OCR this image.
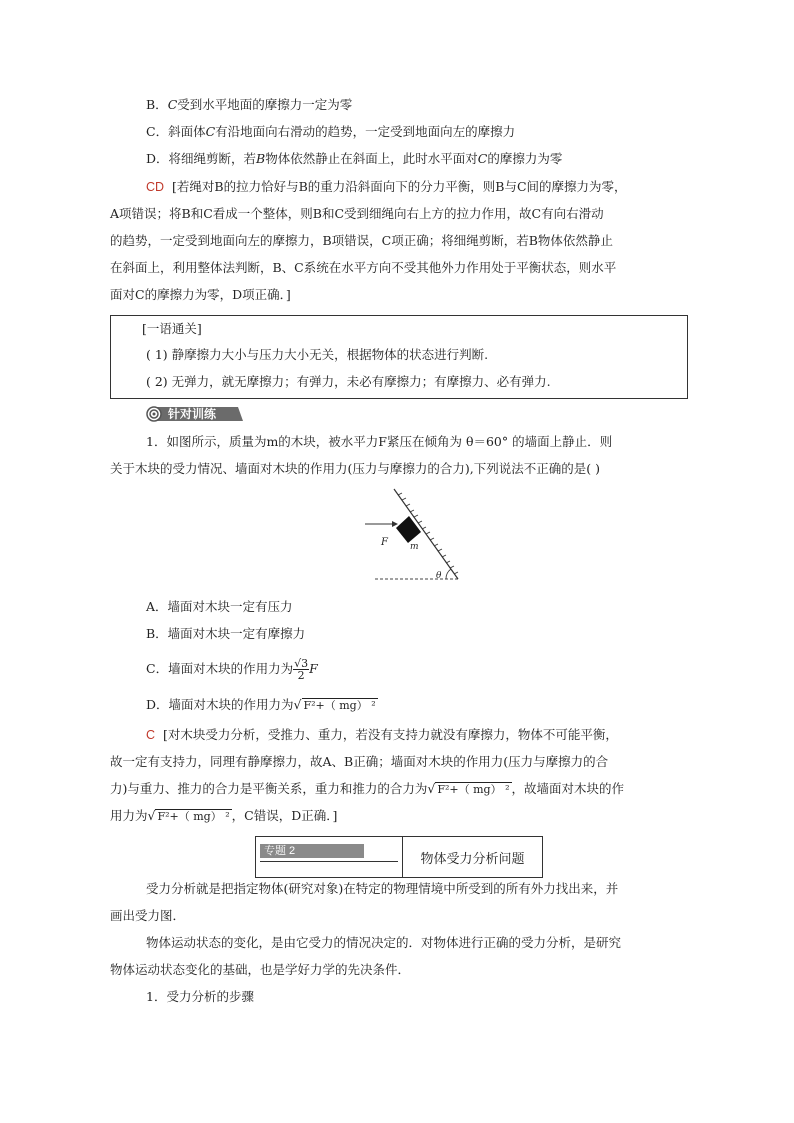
B．C受到水平地面的摩擦力一定为零
C．斜面体C有沿地面向右滑动的趋势，一定受到地面向左的摩擦力
D．将细绳剪断，若B物体依然静止在斜面上，此时水平面对C的摩擦力为零
CD [若绳对B的拉力恰好与B的重力沿斜面向下的分力平衡，则B与C间的摩擦力为零，
A项错误；将B和C看成一个整体，则B和C受到细绳向右上方的拉力作用，故C有向右滑动
的趋势，一定受到地面向左的摩擦力，B项错误，C项正确；将细绳剪断，若B物体依然静止
在斜面上，利用整体法判断，B、C系统在水平方向不受其他外力作用处于平衡状态，则水平
面对C的摩擦力为零，D项正确．]
[一语通关]
( 1) 静摩擦力大小与压力大小无关，根据物体的状态进行判断.
( 2) 无弹力，就无摩擦力；有弹力，未必有摩擦力；有摩擦力、必有弹力.
针对训练
1．如图所示，质量为m的木块，被水平力F紧压在倾角为 θ＝60° 的墙面上静止．则
关于木块的受力情况、墙面对木块的作用力(压力与摩擦力的合力),下列说法不正确的是( )
F m
θ
A．墙面对木块一定有压力
B．墙面对木块一定有摩擦力
C．墙面对木块的作用力为 $\frac{√3}{2}$ F
D．墙面对木块的作用力为√ F²+（ mg） ²
C [对木块受力分析，受推力、重力，若没有支持力就没有摩擦力，物体不可能平衡，
故一定有支持力，同理有静摩擦力，故A、B正确；墙面对木块的作用力(压力与摩擦力的合
力)与重力、推力的合力是平衡关系，重力和推力的合力为√ F²+（ mg） ² ，故墙面对木块的作
用力为√ F²+（ mg） ² ，C错误，D正确．]
专题 2
物体受力分析问题
受力分析就是把指定物体(研究对象)在特定的物理情境中所受到的所有外力找出来，并
画出受力图．
物体运动状态的变化，是由它受力的情况决定的．对物体进行正确的受力分析，是研究
物体运动状态变化的基础，也是学好力学的先决条件．
1．受力分析的步骤
